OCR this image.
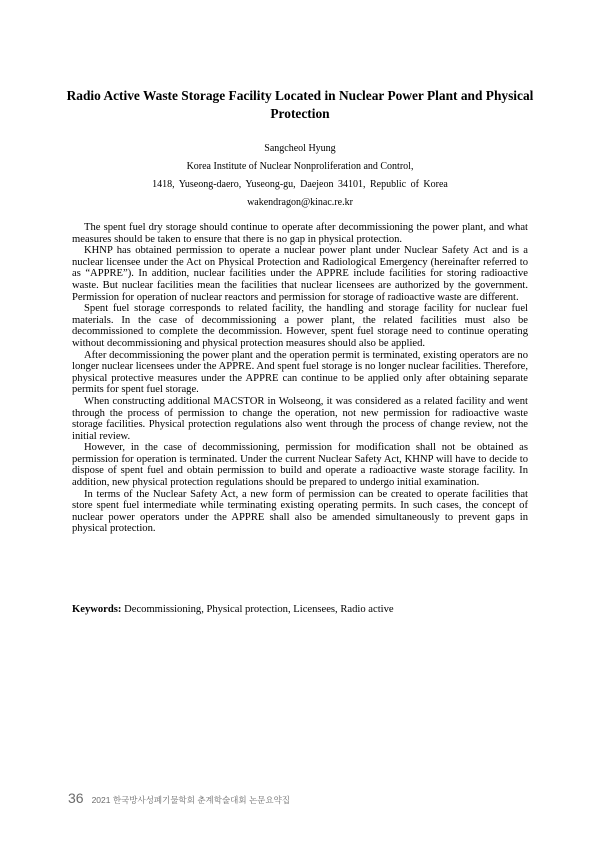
Radio Active Waste Storage Facility Located in Nuclear Power Plant and Physical Protection
Sangcheol Hyung
Korea Institute of Nuclear Nonproliferation and Control,
1418, Yuseong-daero, Yuseong-gu, Daejeon 34101, Republic of Korea
wakendragon@kinac.re.kr

The spent fuel dry storage should continue to operate after decommissioning the power plant, and what measures should be taken to ensure that there is no gap in physical protection.

KHNP has obtained permission to operate a nuclear power plant under Nuclear Safety Act and is a nuclear licensee under the Act on Physical Protection and Radiological Emergency (hereinafter referred to as “APPRE”). In addition, nuclear facilities under the APPRE include facilities for storing radioactive waste. But nuclear facilities mean the facilities that nuclear licensees are authorized by the government. Permission for operation of nuclear reactors and permission for storage of radioactive waste are different.

Spent fuel storage corresponds to related facility, the handling and storage facility for nuclear fuel materials. In the case of decommissioning a power plant, the related facilities must also be decommissioned to complete the decommission. However, spent fuel storage need to continue operating without decommissioning and physical protection measures should also be applied.

After decommissioning the power plant and the operation permit is terminated, existing operators are no longer nuclear licensees under the APPRE. And spent fuel storage is no longer nuclear facilities. Therefore, physical protective measures under the APPRE can continue to be applied only after obtaining separate permits for spent fuel storage.

When constructing additional MACSTOR in Wolseong, it was considered as a related facility and went through the process of permission to change the operation, not new permission for radioactive waste storage facilities. Physical protection regulations also went through the process of change review, not the initial review.

However, in the case of decommissioning, permission for modification shall not be obtained as permission for operation is terminated. Under the current Nuclear Safety Act, KHNP will have to decide to dispose of spent fuel and obtain permission to build and operate a radioactive waste storage facility. In addition, new physical protection regulations should be prepared to undergo initial examination.

In terms of the Nuclear Safety Act, a new form of permission can be created to operate facilities that store spent fuel intermediate while terminating existing operating permits. In such cases, the concept of nuclear power operators under the APPRE shall also be amended simultaneously to prevent gaps in physical protection.

Keywords: Decommissioning, Physical protection, Licensees, Radio active
36 2021 한국방사성폐기물학회 춘계학술대회 논문요약집
